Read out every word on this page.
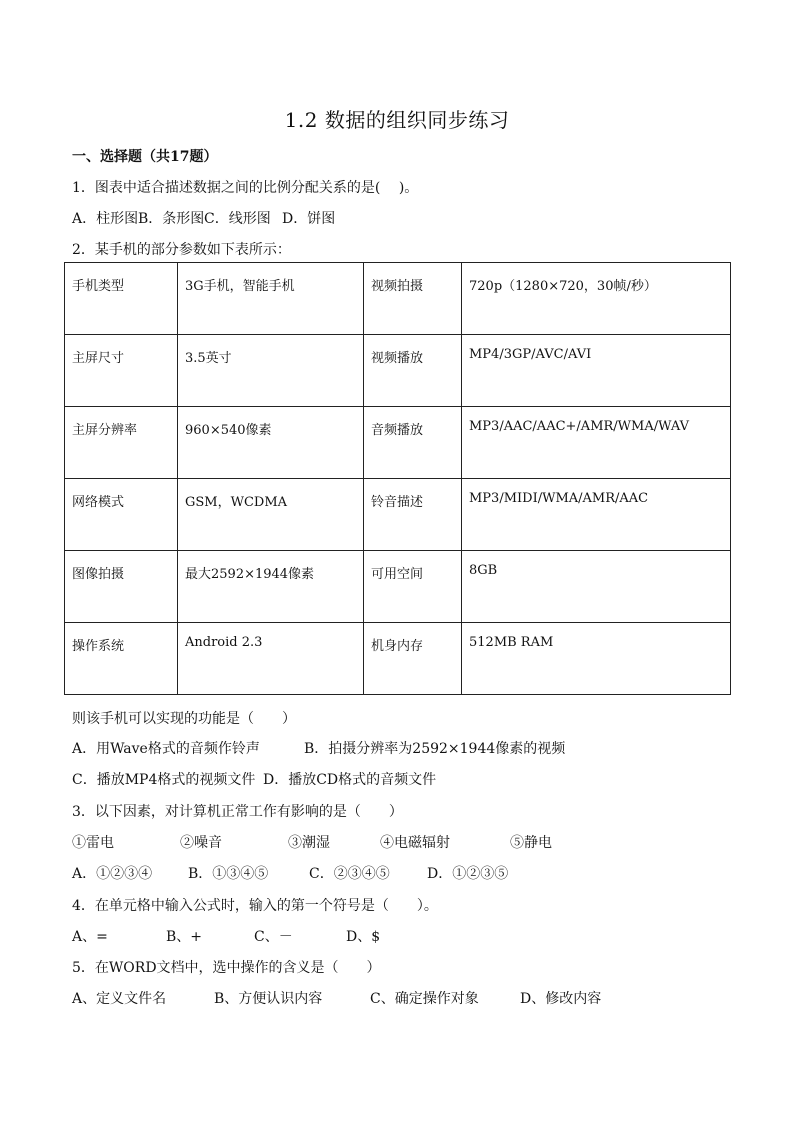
1.2 数据的组织同步练习
一、选择题（共17题）
1．图表中适合描述数据之间的比例分配关系的是(　 )。
A．柱形图B．条形图C．线形图 D．饼图
2．某手机的部分参数如下表所示：
手机类型	3G手机，智能手机	视频拍摄	720p（1280×720，30帧/秒）
主屏尺寸	3.5英寸	视频播放	MP4/3GP/AVC/AVI
主屏分辨率	960×540像素	音频播放	MP3/AAC/AAC+/AMR/WMA/WAV
网络模式	GSM，WCDMA	铃音描述	MP3/MIDI/WMA/AMR/AAC
图像拍摄	最大2592×1944像素	可用空间	8GB
操作系统	Android 2.3	机身内存	512MB RAM
则该手机可以实现的功能是（　　）
A．用Wave格式的音频作铃声	B．拍摄分辨率为2592×1944像素的视频
C．播放MP4格式的视频文件 D．播放CD格式的音频文件
3．以下因素，对计算机正常工作有影响的是（　　）
①雷电	②噪音	③潮湿	④电磁辐射	⑤静电
A．①②③④	B．①③④⑤	C．②③④⑤	D．①②③⑤
4．在单元格中输入公式时，输入的第一个符号是（　　）。
A、=	B、+	C、－	D、$
5．在WORD文档中，选中操作的含义是（　　）
A、定义文件名	B、方便认识内容	C、确定操作对象	D、修改内容
